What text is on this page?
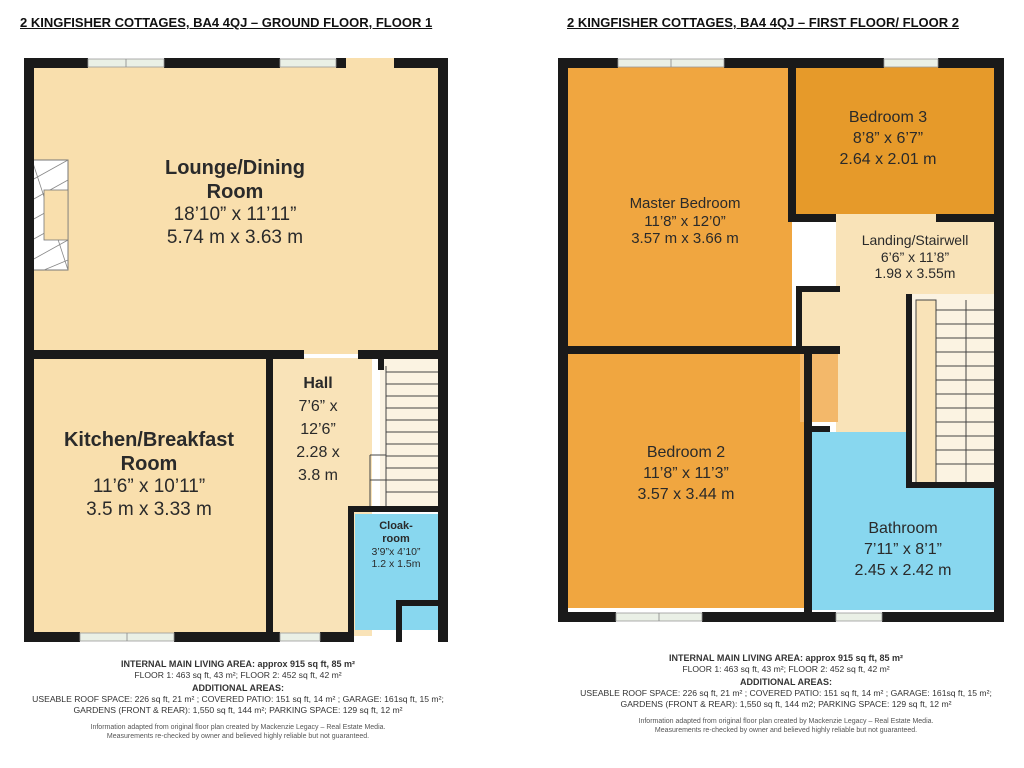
2 KINGFISHER COTTAGES, BA4 4QJ – GROUND FLOOR, FLOOR 1
Lounge/Dining
Room
18’10” x 11’11”
5.74 m x 3.63 m
Kitchen/Breakfast
Room
11’6” x 10’11”
3.5 m x 3.33 m
Hall
7’6” x
12’6”
2.28 x
3.8 m
Cloak-
room
3’9”x 4’10”
1.2 x 1.5m
2 KINGFISHER COTTAGES, BA4 4QJ – FIRST FLOOR/ FLOOR 2
Master Bedroom
11’8” x 12’0”
3.57 m x 3.66 m
Bedroom 3
8’8” x 6’7”
2.64 x 2.01 m
Landing/Stairwell
6’6” x 11’8”
1.98 x 3.55m
Bedroom 2
11’8” x 11’3”
3.57 x 3.44 m
Bathroom
7’11” x 8’1”
2.45 x 2.42 m
INTERNAL MAIN LIVING AREA: approx 915 sq ft, 85 m²
FLOOR 1: 463 sq ft, 43 m²; FLOOR 2: 452 sq ft, 42 m²
ADDITIONAL AREAS:
USEABLE ROOF SPACE: 226 sq ft, 21 m² ; COVERED PATIO: 151 sq ft, 14 m² ; GARAGE: 161sq ft, 15 m²;
GARDENS (FRONT & REAR): 1,550 sq ft, 144 m²; PARKING SPACE: 129 sq ft, 12 m²
Information adapted from original floor plan created by Mackenzie Legacy – Real Estate Media.
Measurements re-checked by owner and believed highly reliable but not guaranteed.
INTERNAL MAIN LIVING AREA: approx 915 sq ft, 85 m²
FLOOR 1: 463 sq ft, 43 m²; FLOOR 2: 452 sq ft, 42 m²
ADDITIONAL AREAS:
USEABLE ROOF SPACE: 226 sq ft, 21 m² ; COVERED PATIO: 151 sq ft, 14 m² ; GARAGE: 161sq ft, 15 m²;
GARDENS (FRONT & REAR): 1,550 sq ft, 144 m2; PARKING SPACE: 129 sq ft, 12 m²
Information adapted from original floor plan created by Mackenzie Legacy – Real Estate Media.
Measurements re-checked by owner and believed highly reliable but not guaranteed.
